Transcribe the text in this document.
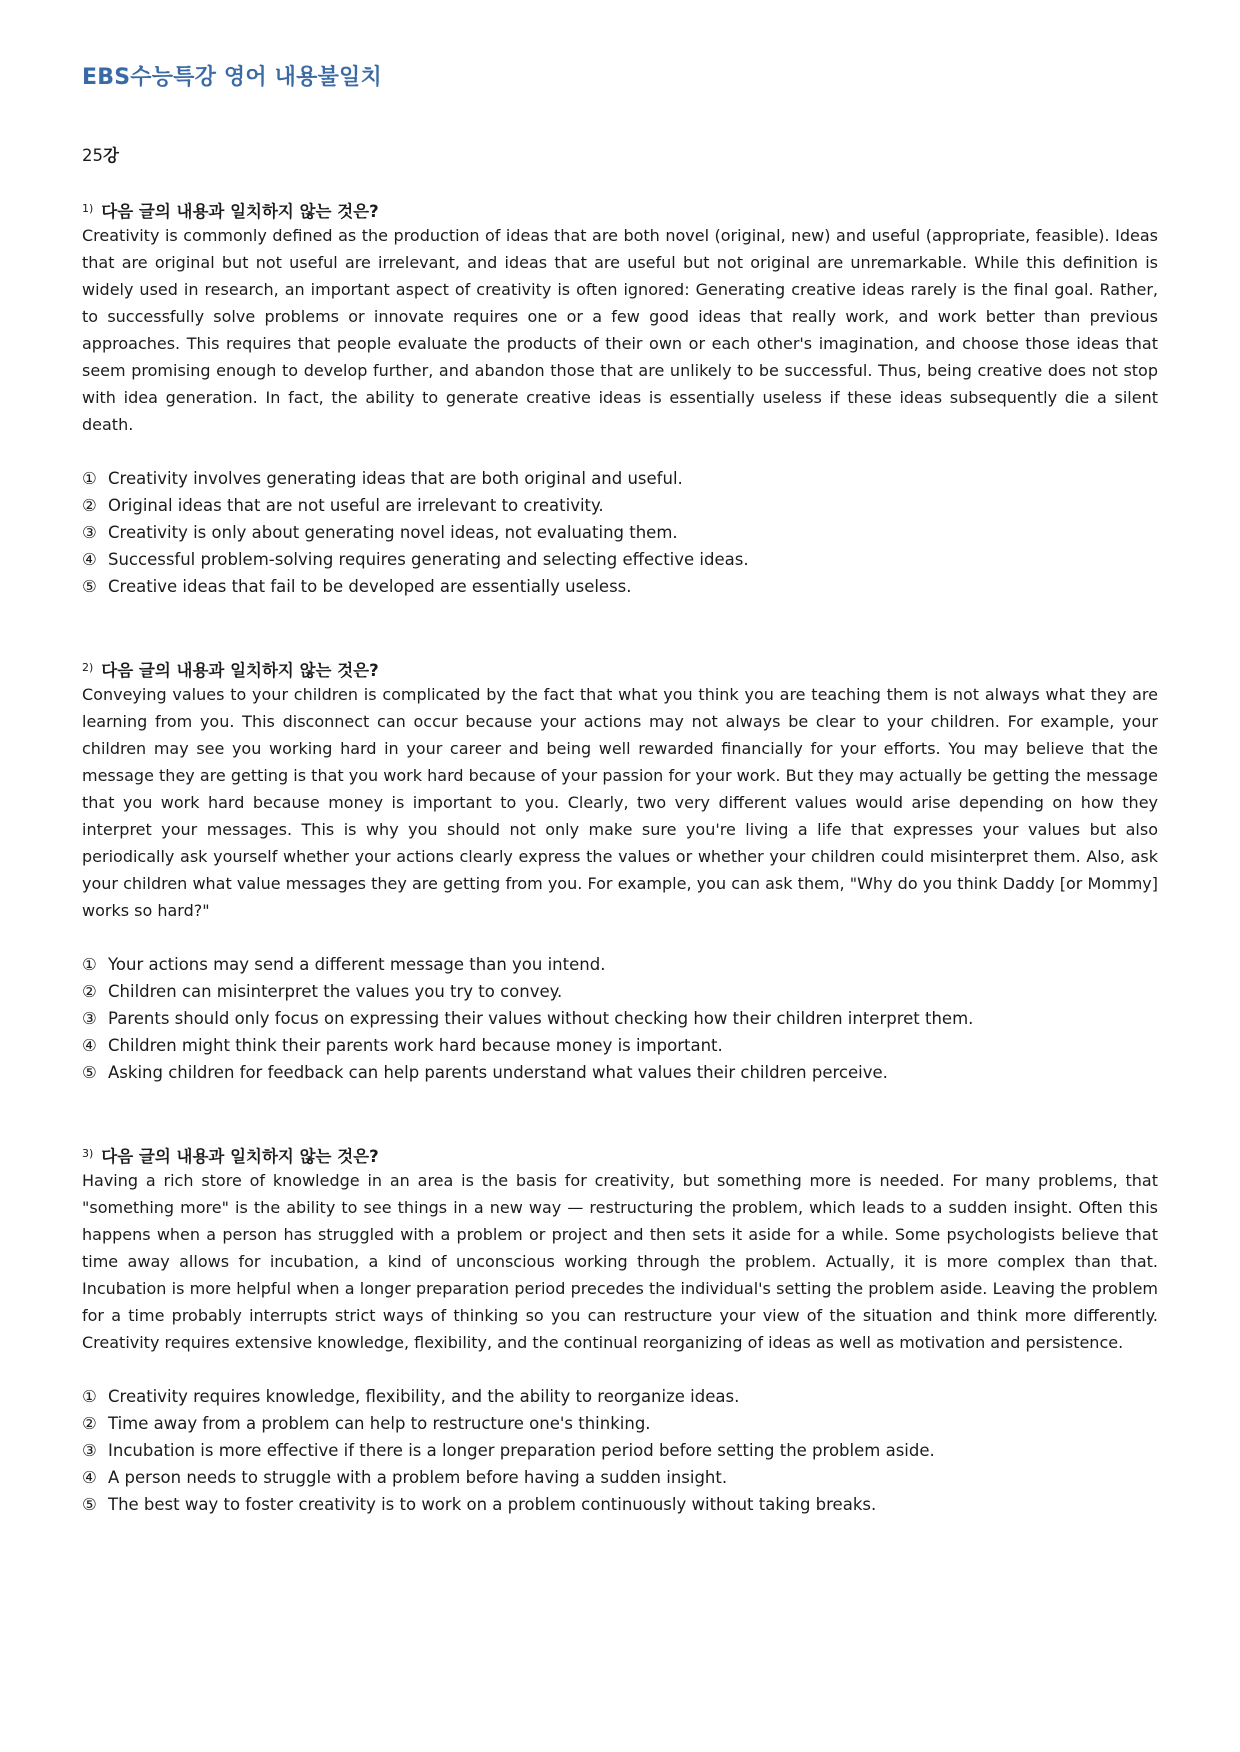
EBS수능특강 영어 내용불일치
25강
$^{1)}$ 다음 글의 내용과 일치하지 않는 것은?

Creativity is commonly defined as the production of ideas that are both novel (original, new) and useful (appropriate, feasible). Ideas that are original but not useful are irrelevant, and ideas that are useful but not original are unremarkable. While this definition is widely used in research, an important aspect of creativity is often ignored: Generating creative ideas rarely is the final goal. Rather, to successfully solve problems or innovate requires one or a few good ideas that really work, and work better than previous approaches. This requires that people evaluate the products of their own or each other's imagination, and choose those ideas that seem promising enough to develop further, and abandon those that are unlikely to be successful. Thus, being creative does not stop with idea generation. In fact, the ability to generate creative ideas is essentially useless if these ideas subsequently die a silent death.

① Creativity involves generating ideas that are both original and useful.
② Original ideas that are not useful are irrelevant to creativity.
③ Creativity is only about generating novel ideas, not evaluating them.
④ Successful problem-solving requires generating and selecting effective ideas.
⑤ Creative ideas that fail to be developed are essentially useless.
$^{2)}$ 다음 글의 내용과 일치하지 않는 것은?

Conveying values to your children is complicated by the fact that what you think you are teaching them is not always what they are learning from you. This disconnect can occur because your actions may not always be clear to your children. For example, your children may see you working hard in your career and being well rewarded financially for your efforts. You may believe that the message they are getting is that you work hard because of your passion for your work. But they may actually be getting the message that you work hard because money is important to you. Clearly, two very different values would arise depending on how they interpret your messages. This is why you should not only make sure you're living a life that expresses your values but also periodically ask yourself whether your actions clearly express the values or whether your children could misinterpret them. Also, ask your children what value messages they are getting from you. For example, you can ask them, "Why do you think Daddy [or Mommy] works so hard?"

① Your actions may send a different message than you intend.
② Children can misinterpret the values you try to convey.
③ Parents should only focus on expressing their values without checking how their children interpret them.
④ Children might think their parents work hard because money is important.
⑤ Asking children for feedback can help parents understand what values their children perceive.
$^{3)}$ 다음 글의 내용과 일치하지 않는 것은?

Having a rich store of knowledge in an area is the basis for creativity, but something more is needed. For many problems, that "something more" is the ability to see things in a new way — restructuring the problem, which leads to a sudden insight. Often this happens when a person has struggled with a problem or project and then sets it aside for a while. Some psychologists believe that time away allows for incubation, a kind of unconscious working through the problem. Actually, it is more complex than that. Incubation is more helpful when a longer preparation period precedes the individual's setting the problem aside. Leaving the problem for a time probably interrupts strict ways of thinking so you can restructure your view of the situation and think more differently. Creativity requires extensive knowledge, flexibility, and the continual reorganizing of ideas as well as motivation and persistence.

① Creativity requires knowledge, flexibility, and the ability to reorganize ideas.
② Time away from a problem can help to restructure one's thinking.
③ Incubation is more effective if there is a longer preparation period before setting the problem aside.
④ A person needs to struggle with a problem before having a sudden insight.
⑤ The best way to foster creativity is to work on a problem continuously without taking breaks.
